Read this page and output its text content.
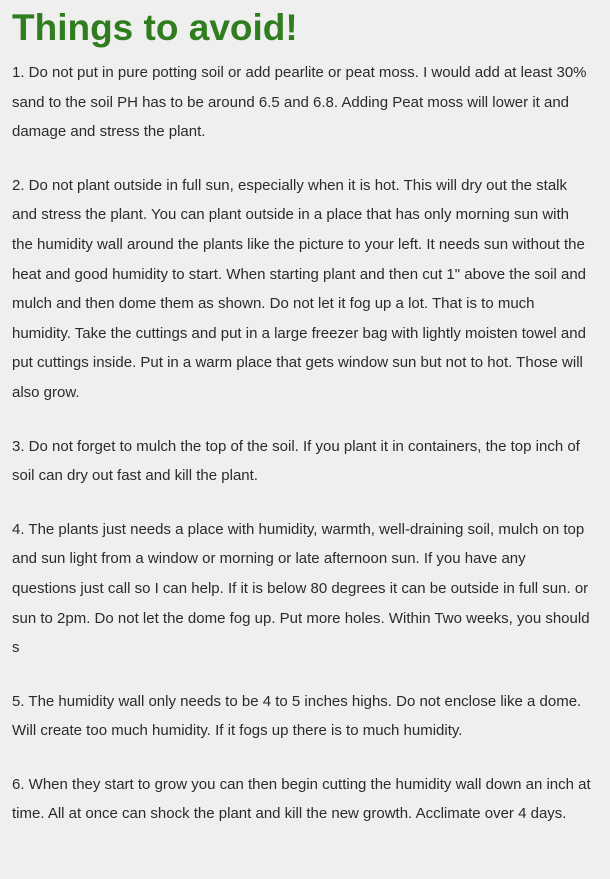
Things to avoid!

1. Do not put in pure potting soil or add pearlite or peat moss. I would add at least 30% sand to the soil PH has to be around 6.5 and 6.8. Adding Peat moss will lower it and damage and stress the plant.

2. Do not plant outside in full sun, especially when it is hot. This will dry out the stalk and stress the plant. You can plant outside in a place that has only morning sun with the humidity wall around the plants like the picture to your left. It needs sun without the heat and good humidity to start. When starting plant and then cut 1" above the soil and mulch and then dome them as shown. Do not let it fog up a lot. That is to much humidity. Take the cuttings and put in a large freezer bag with lightly moisten towel and put cuttings inside. Put in a warm place that gets window sun but not to hot. Those will also grow.

3. Do not forget to mulch the top of the soil. If you plant it in containers, the top inch of soil can dry out fast and kill the plant.

4. The plants just needs a place with humidity, warmth, well-draining soil, mulch on top and sun light from a window or morning or late afternoon sun. If you have any questions just call so I can help. If it is below 80 degrees it can be outside in full sun. or sun to 2pm. Do not let the dome fog up. Put more holes. Within Two weeks, you should s

5. The humidity wall only needs to be 4 to 5 inches highs. Do not enclose like a dome. Will create too much humidity. If it fogs up there is to much humidity.

6. When they start to grow you can then begin cutting the humidity wall down an inch at time. All at once can shock the plant and kill the new growth. Acclimate over 4 days.
